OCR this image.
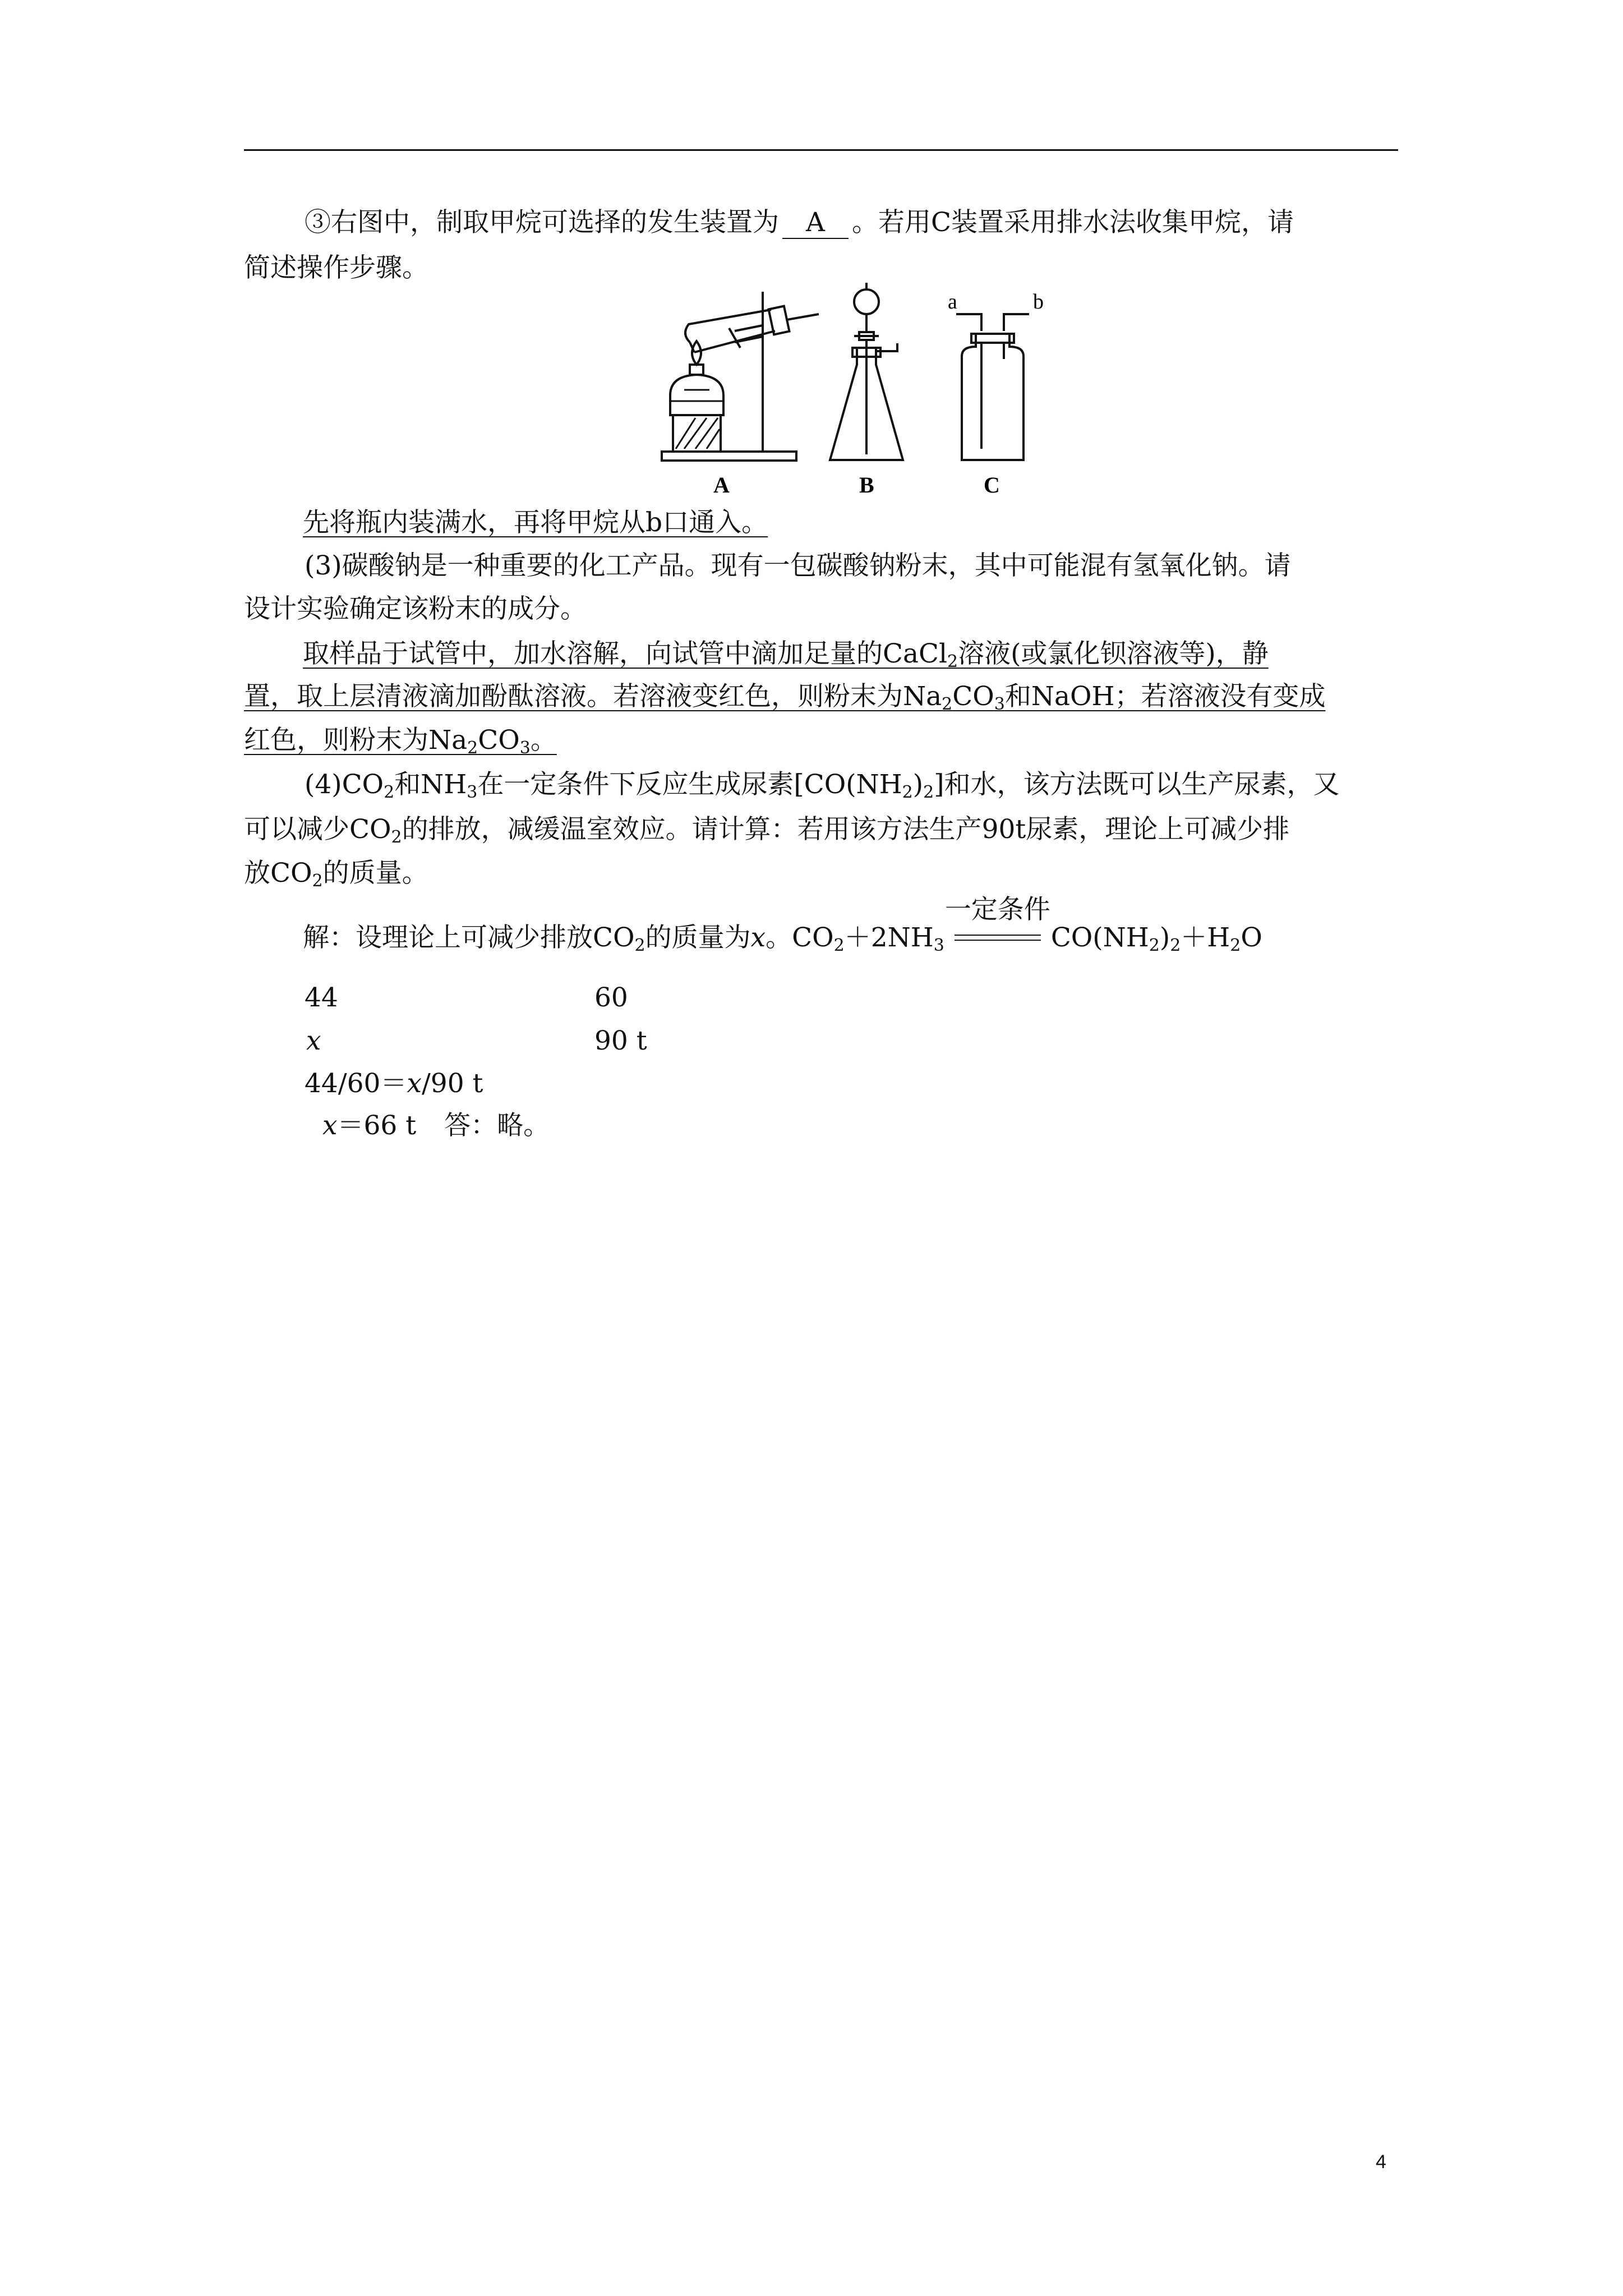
③右图中，制取甲烷可选择的发生装置为 A 。若用C装置采用排水法收集甲烷，请
简述操作步骤。
a	b
A	B	C
先将瓶内装满水，再将甲烷从b口通入。
(3)碳酸钠是一种重要的化工产品。现有一包碳酸钠粉末，其中可能混有氢氧化钠。请
设计实验确定该粉末的成分。
取样品于试管中，加水溶解，向试管中滴加足量的CaCl$_2$溶液(或氯化钡溶液等)，静
置，取上层清液滴加酚酞溶液。若溶液变红色，则粉末为$Na_2CO_3$和NaOH；若溶液没有变成
红色，则粉末为$Na_2CO_3$。
$(4)CO_2$和$NH_3$在一定条件下反应生成尿素$[CO(NH_2)_2]$和水，该方法既可以生产尿素，又
可以减少$CO_2$的排放，减缓温室效应。请计算：若用该方法生产90t尿素，理论上可减少排
放$CO_2$的质量。
解：设理论上可减少排放$CO_2$的质量为x。$CO_2+2NH_3$
一定条件
$CO(NH_2)_2+H_2O$
44	60
x	90 t
44/60＝x/90 t
x＝66 t 答：略。
4
